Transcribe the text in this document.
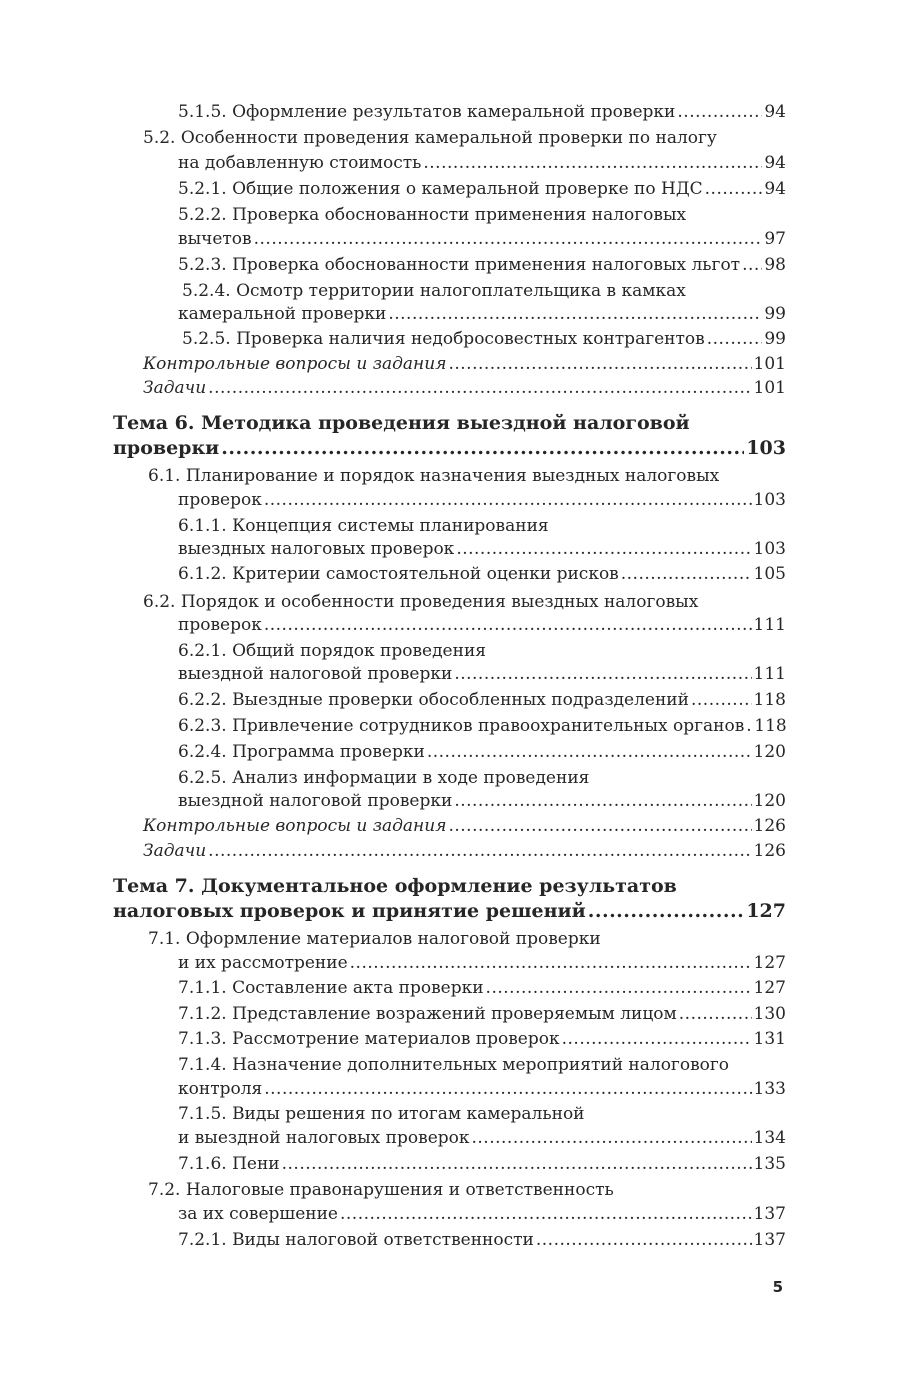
5.1.5. Оформление результатов камеральной проверки .....	94
5.2. Особенности проведения камеральной проверки по налогу
на добавленную стоимость .....	94
5.2.1. Общие положения о камеральной проверке по НДС .....	94
5.2.2. Проверка обоснованности применения налоговых
вычетов .....	97
5.2.3. Проверка обоснованности применения налоговых льгот ..... 98
5.2.4. Осмотр территории налогоплательщика в камках
камеральной проверки .....	99
5.2.5. Проверка наличия недобросовестных контрагентов .....	99
Контрольные вопросы и задания .....	101
Задачи .....	101
Тема 6. Методика проведения выездной налоговой
проверки .....	103
6.1. Планирование и порядок назначения выездных налоговых
проверок .....	103
6.1.1. Концепция системы планирования
выездных налоговых проверок .....	103
6.1.2. Критерии самостоятельной оценки рисков .....	105
6.2. Порядок и особенности проведения выездных налоговых
проверок .....	111
6.2.1. Общий порядок проведения
выездной налоговой проверки .....	111
6.2.2. Выездные проверки обособленных подразделений .....	118
6.2.3. Привлечение сотрудников правоохранительных органов ..... 118
6.2.4. Программа проверки .....	120
6.2.5. Анализ информации в ходе проведения
выездной налоговой проверки .....	120
Контрольные вопросы и задания .....	126
Задачи .....	126
Тема 7. Документальное оформление результатов
налоговых проверок и принятие решений .....	127
7.1. Оформление материалов налоговой проверки
и их рассмотрение .....	127
7.1.1. Составление акта проверки .....	127
7.1.2. Представление возражений проверяемым лицом .....	130
7.1.3. Рассмотрение материалов проверок .....	131
7.1.4. Назначение дополнительных мероприятий налогового
контроля .....	133
7.1.5. Виды решения по итогам камеральной
и выездной налоговых проверок .....	134
7.1.6. Пени .....	135
7.2. Налоговые правонарушения и ответственность
за их совершение .....	137
7.2.1. Виды налоговой ответственности .....	137
5
